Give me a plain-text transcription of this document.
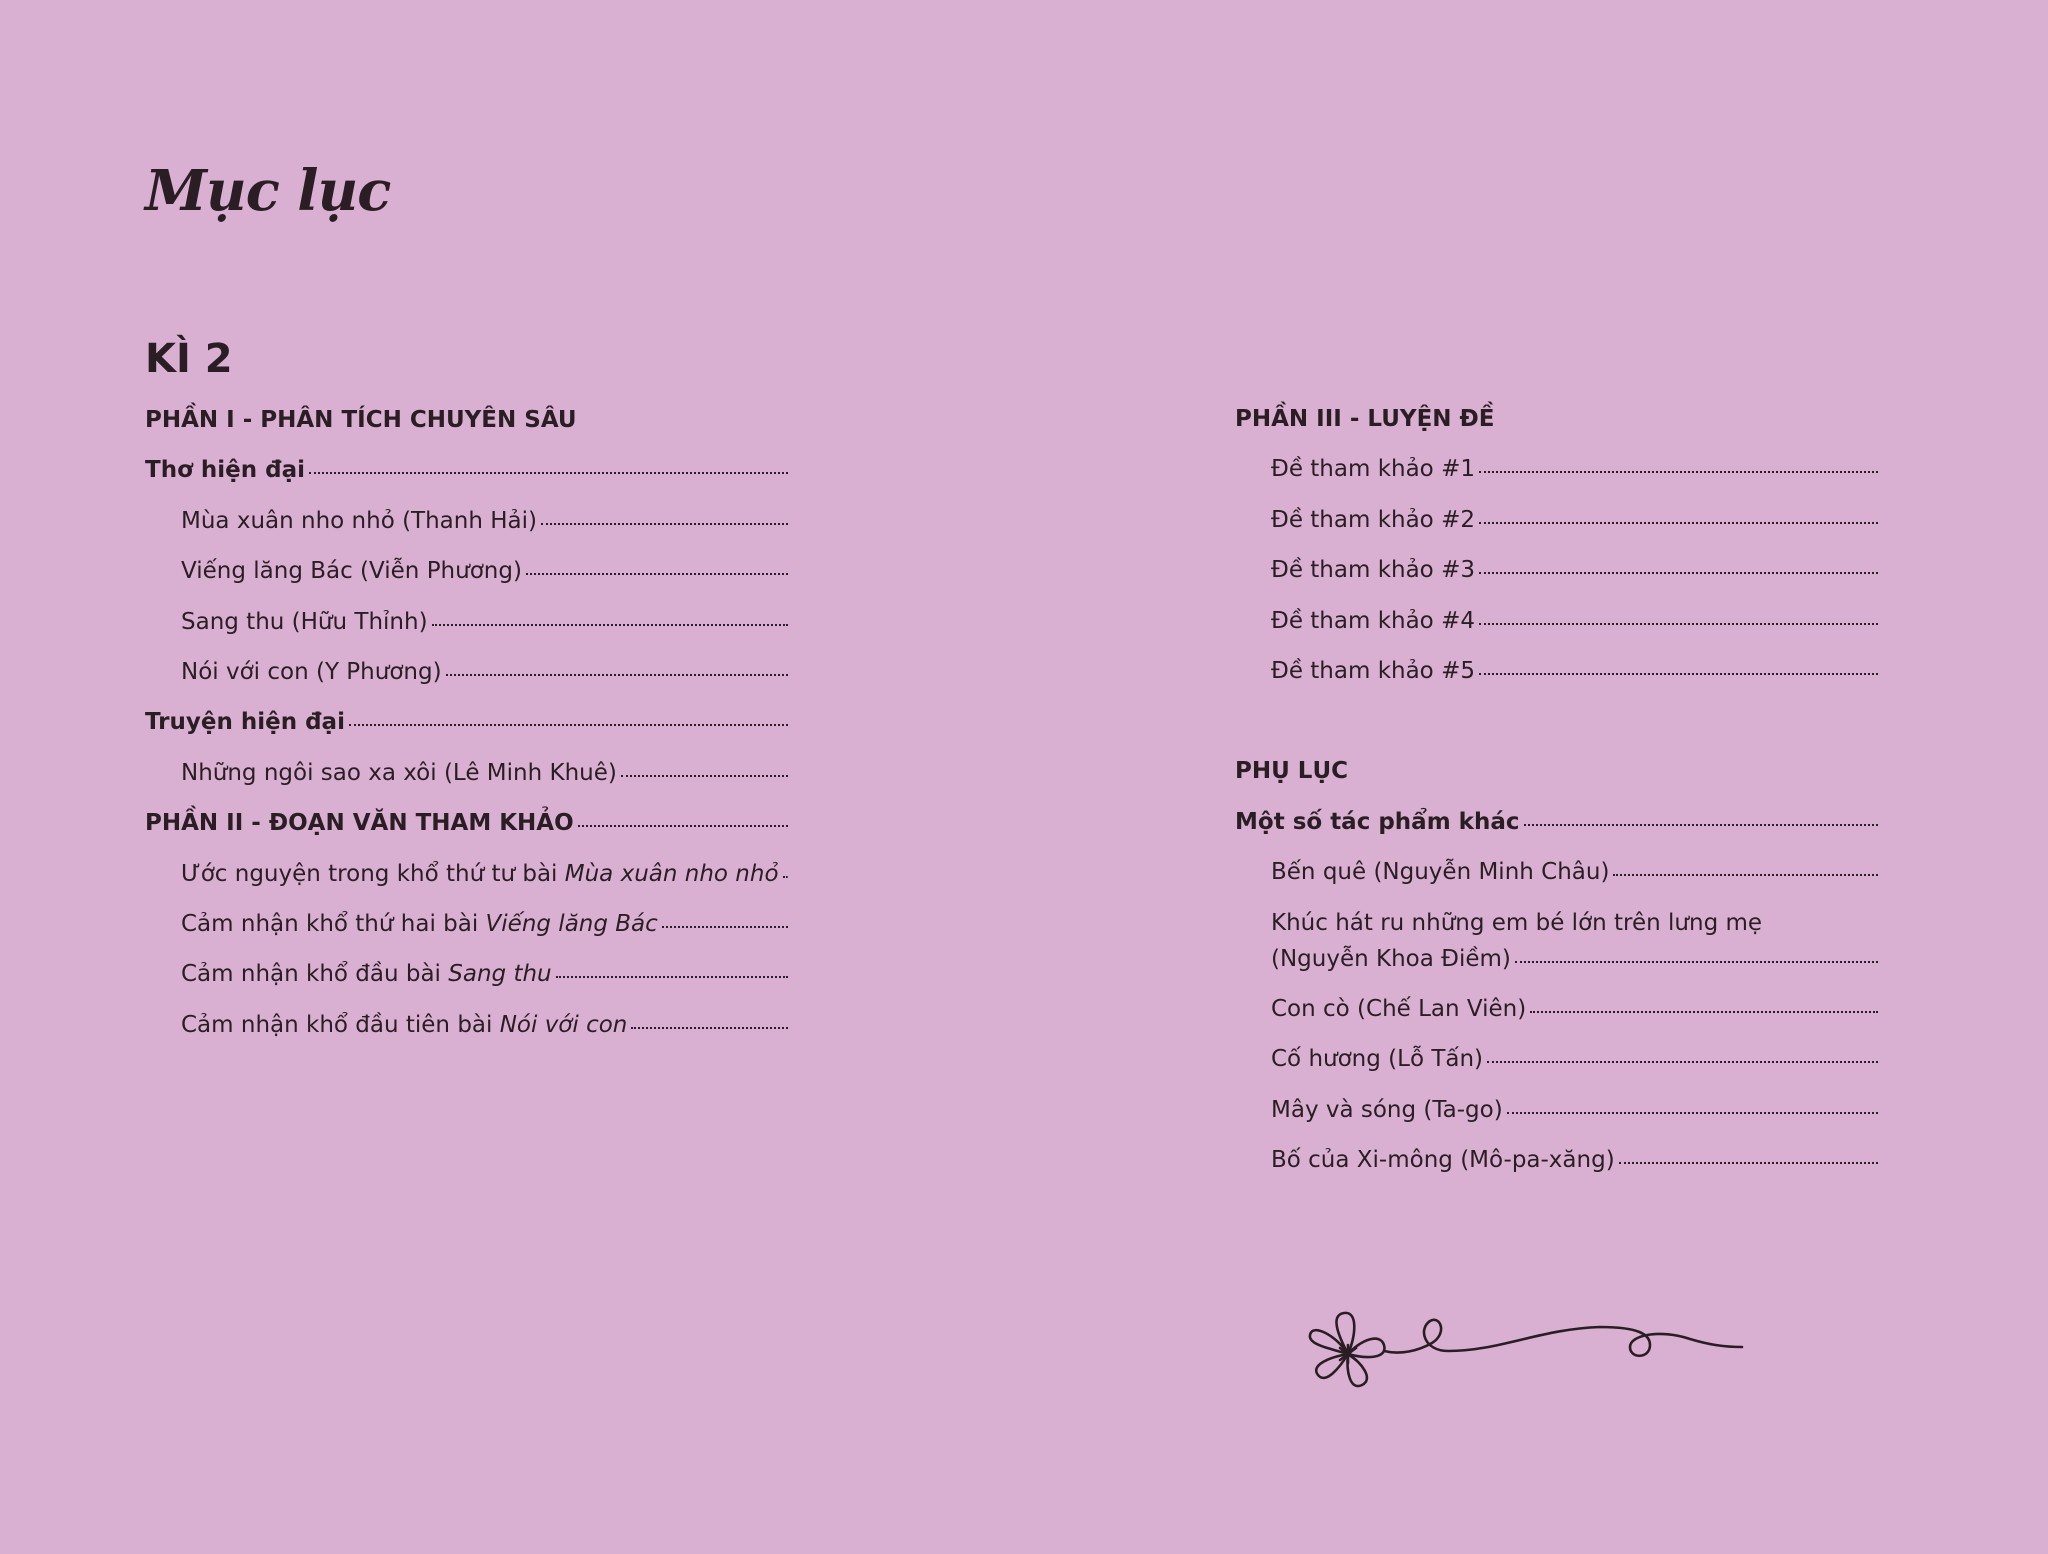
Mục lục
KÌ 2
PHẦN I - PHÂN TÍCH CHUYÊN SÂU
Thơ hiện đại
Mùa xuân nho nhỏ (Thanh Hải)
Viếng lăng Bác (Viễn Phương)
Sang thu (Hữu Thỉnh)
Nói với con (Y Phương)
Truyện hiện đại
Những ngôi sao xa xôi (Lê Minh Khuê)
PHẦN II - ĐOẠN VĂN THAM KHẢO
Ước nguyện trong khổ thứ tư bài Mùa xuân nho nhỏ
Cảm nhận khổ thứ hai bài Viếng lăng Bác
Cảm nhận khổ đầu bài Sang thu
Cảm nhận khổ đầu tiên bài Nói với con
PHẦN III - LUYỆN ĐỀ
Đề tham khảo #1
Đề tham khảo #2
Đề tham khảo #3
Đề tham khảo #4
Đề tham khảo #5
PHỤ LỤC
Một số tác phẩm khác
Bến quê (Nguyễn Minh Châu)
Khúc hát ru những em bé lớn trên lưng mẹ
(Nguyễn Khoa Điềm)
Con cò (Chế Lan Viên)
Cố hương (Lỗ Tấn)
Mây và sóng (Ta-go)
Bố của Xi-mông (Mô-pa-xăng)
